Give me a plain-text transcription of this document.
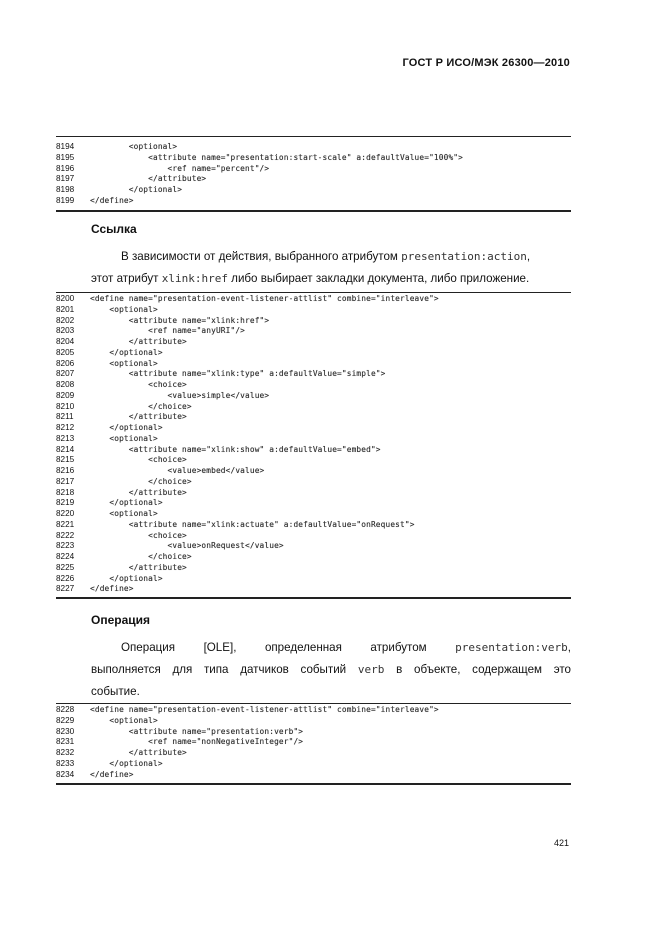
ГОСТ Р ИСО/МЭК 26300—2010
8194	<optional>
8195	<attribute name="presentation:start-scale" a:defaultValue="100%">
8196	<ref name="percent"/>
8197	</attribute>
8198	</optional>
8199	</define>
Ссылка
В зависимости от действия, выбранного атрибутом presentation:action,
этот атрибут xlink:href либо выбирает закладки документа, либо приложение.
8200	<define name="presentation-event-listener-attlist" combine="interleave">
8201	<optional>
8202	<attribute name="xlink:href">
8203	<ref name="anyURI"/>
8204	</attribute>
8205	</optional>
8206	<optional>
8207	<attribute name="xlink:type" a:defaultValue="simple">
8208	<choice>
8209	<value>simple</value>
8210	</choice>
8211	</attribute>
8212	</optional>
8213	<optional>
8214	<attribute name="xlink:show" a:defaultValue="embed">
8215	<choice>
8216	<value>embed</value>
8217	</choice>
8218	</attribute>
8219	</optional>
8220	<optional>
8221	<attribute name="xlink:actuate" a:defaultValue="onRequest">
8222	<choice>
8223	<value>onRequest</value>
8224	</choice>
8225	</attribute>
8226	</optional>
8227	</define>
Операция
Операция    [OLE],    определенная    атрибутом    presentation:verb,
выполняется для типа датчиков событий verb в объекте, содержащем это
событие.
8228	<define name="presentation-event-listener-attlist" combine="interleave">
8229	<optional>
8230	<attribute name="presentation:verb">
8231	<ref name="nonNegativeInteger"/>
8232	</attribute>
8233	</optional>
8234	</define>
421
